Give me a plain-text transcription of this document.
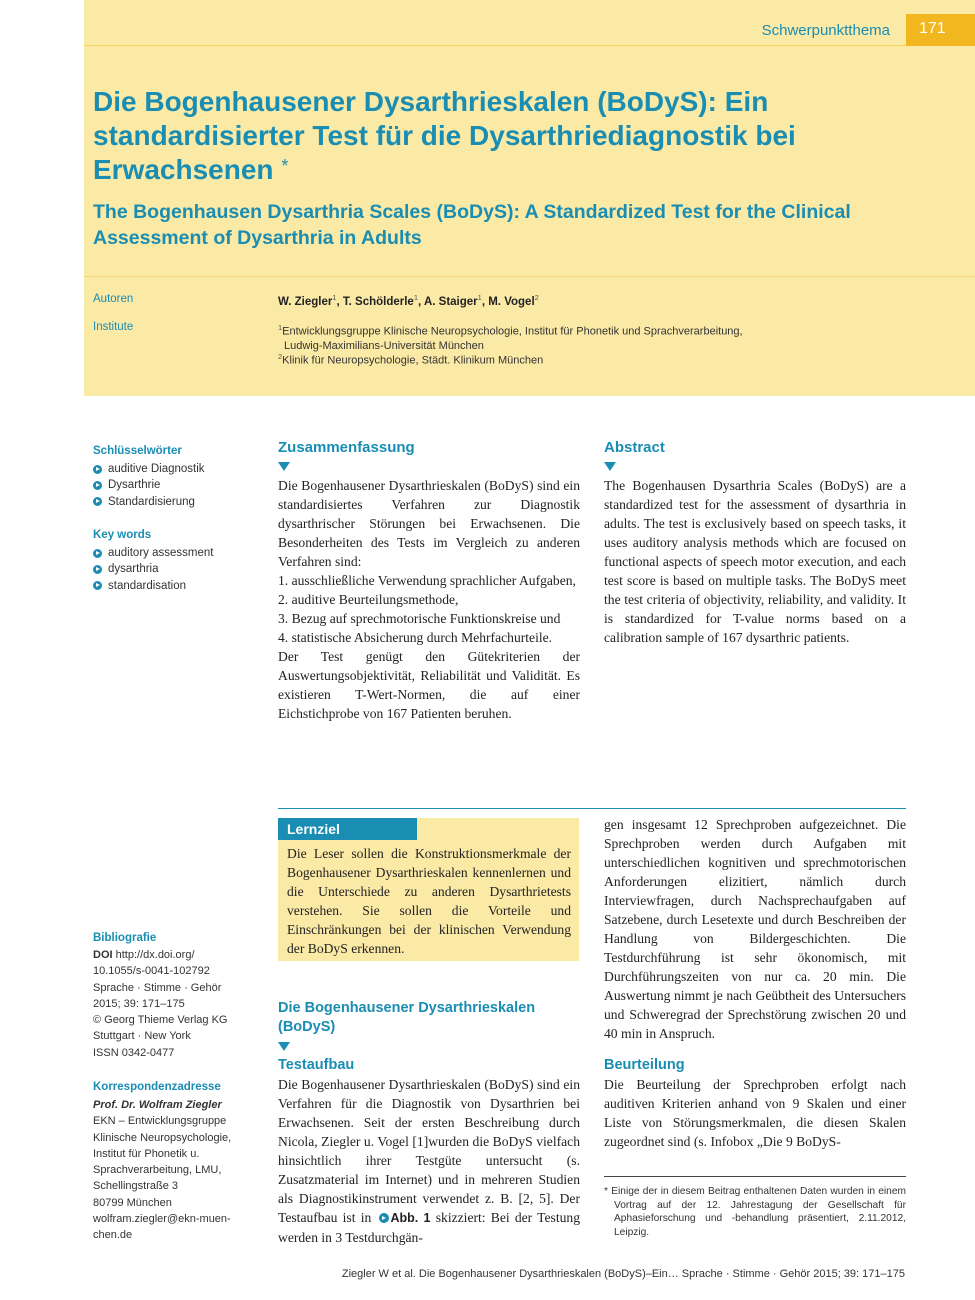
Schwerpunktthema 171
Die Bogenhausener Dysarthrieskalen (BoDyS): Ein standardisierter Test für die Dysarthriediagnostik bei Erwachsenen *
The Bogenhausen Dysarthria Scales (BoDyS): A Standardized Test for the Clinical Assessment of Dysarthria in Adults
Autoren	W. Ziegler$^1$, T. Schölderle$^1$, A. Staiger$^1$, M. Vogel$^2$
Institute	$^1$Entwicklungsgruppe Klinische Neuropsychologie, Institut für Phonetik und Sprachverarbeitung,
Ludwig-Maximilians-Universität München
$^2$Klinik für Neuropsychologie, Städt. Klinikum München
Schlüsselwörter
auditive Diagnostik
Dysarthrie
Standardisierung
Key words
auditory assessment
dysarthria
standardisation
Zusammenfassung

Die Bogenhausener Dysarthrieskalen (BoDyS) sind ein standardisiertes Verfahren zur Diagnostik dysarthrischer Störungen bei Erwachsenen. Die Besonderheiten des Tests im Vergleich zu anderen Verfahren sind:

1. ausschließliche Verwendung sprachlicher Aufgaben,

2. auditive Beurteilungsmethode,

3. Bezug auf sprechmotorische Funktionskreise und

4. statistische Absicherung durch Mehrfachurteile.

Der Test genügt den Gütekriterien der Auswertungsobjektivität, Reliabilität und Validität. Es existieren T-Wert-Normen, die auf einer Eichstichprobe von 167 Patienten beruhen.

Abstract

The Bogenhausen Dysarthria Scales (BoDyS) are a standardized test for the assessment of dysarthria in adults. The test is exclusively based on speech tasks, it uses auditory analysis methods which are focused on functional aspects of speech motor execution, and each test score is based on multiple tasks. The BoDyS meet the test criteria of objectivity, reliability, and validity. It is standardized for T-value norms based on a calibration sample of 167 dysarthric patients.

Lernziel
Die Leser sollen die Konstruktionsmerkmale der Bogenhausener Dysarthrieskalen kennenlernen und die Unterschiede zu anderen Dysarthrietests verstehen. Sie sollen die Vorteile und Einschränkungen bei der klinischen Verwendung der BoDyS erkennen.
Bibliografie
DOI http://dx.doi.org/
10.1055/s-0041-102792
Sprache · Stimme · Gehör
2015; 39: 171–175
© Georg Thieme Verlag KG
Stuttgart · New York
ISSN 0342-0477
Korrespondenzadresse
Prof. Dr. Wolfram Ziegler
EKN – Entwicklungsgruppe
Klinische Neuropsychologie,
Institut für Phonetik u.
Sprachverarbeitung, LMU,
Schellingstraße 3
80799 München
wolfram.ziegler@ekn-muen-
chen.de
Die Bogenhausener Dysarthrieskalen (BoDyS)
Testaufbau

Die Bogenhausener Dysarthrieskalen (BoDyS) sind ein Verfahren für die Diagnostik von Dysarthrien bei Erwachsenen. Seit der ersten Beschreibung durch Nicola, Ziegler u. Vogel [1]wurden die BoDyS vielfach hinsichtlich ihrer Testgüte untersucht (s. Zusatzmaterial im Internet) und in mehreren Studien als Diagnostikinstrument verwendet z. B. [2, 5]. Der Testaufbau ist in Abb. 1 skizziert: Bei der Testung werden in 3 Testdurchgän-

gen insgesamt 12 Sprechproben aufgezeichnet. Die Sprechproben werden durch Aufgaben mit unterschiedlichen kognitiven und sprechmotorischen Anforderungen elizitiert, nämlich durch Interviewfragen, durch Nachsprechaufgaben auf Satzebene, durch Lesetexte und durch Beschreiben der Handlung von Bildergeschichten. Die Testdurchführung ist sehr ökonomisch, mit Durchführungszeiten von nur ca. 20 min. Die Auswertung nimmt je nach Geübtheit des Untersuchers und Schweregrad der Sprechstörung zwischen 20 und 40 min in Anspruch.
Beurteilung
Die Beurteilung der Sprechproben erfolgt nach auditiven Kriterien anhand von 9 Skalen und einer Liste von Störungsmerkmalen, die diesen Skalen zugeordnet sind (s. Infobox „Die 9 BoDyS-

* Einige der in diesem Beitrag enthaltenen Daten wurden in einem Vortrag auf der 12. Jahrestagung der Gesellschaft für Aphasieforschung und -behandlung präsentiert, 2.11.2012, Leipzig.

Ziegler W et al. Die Bogenhausener Dysarthrieskalen (BoDyS)–Ein… Sprache · Stimme · Gehör 2015; 39: 171–175
